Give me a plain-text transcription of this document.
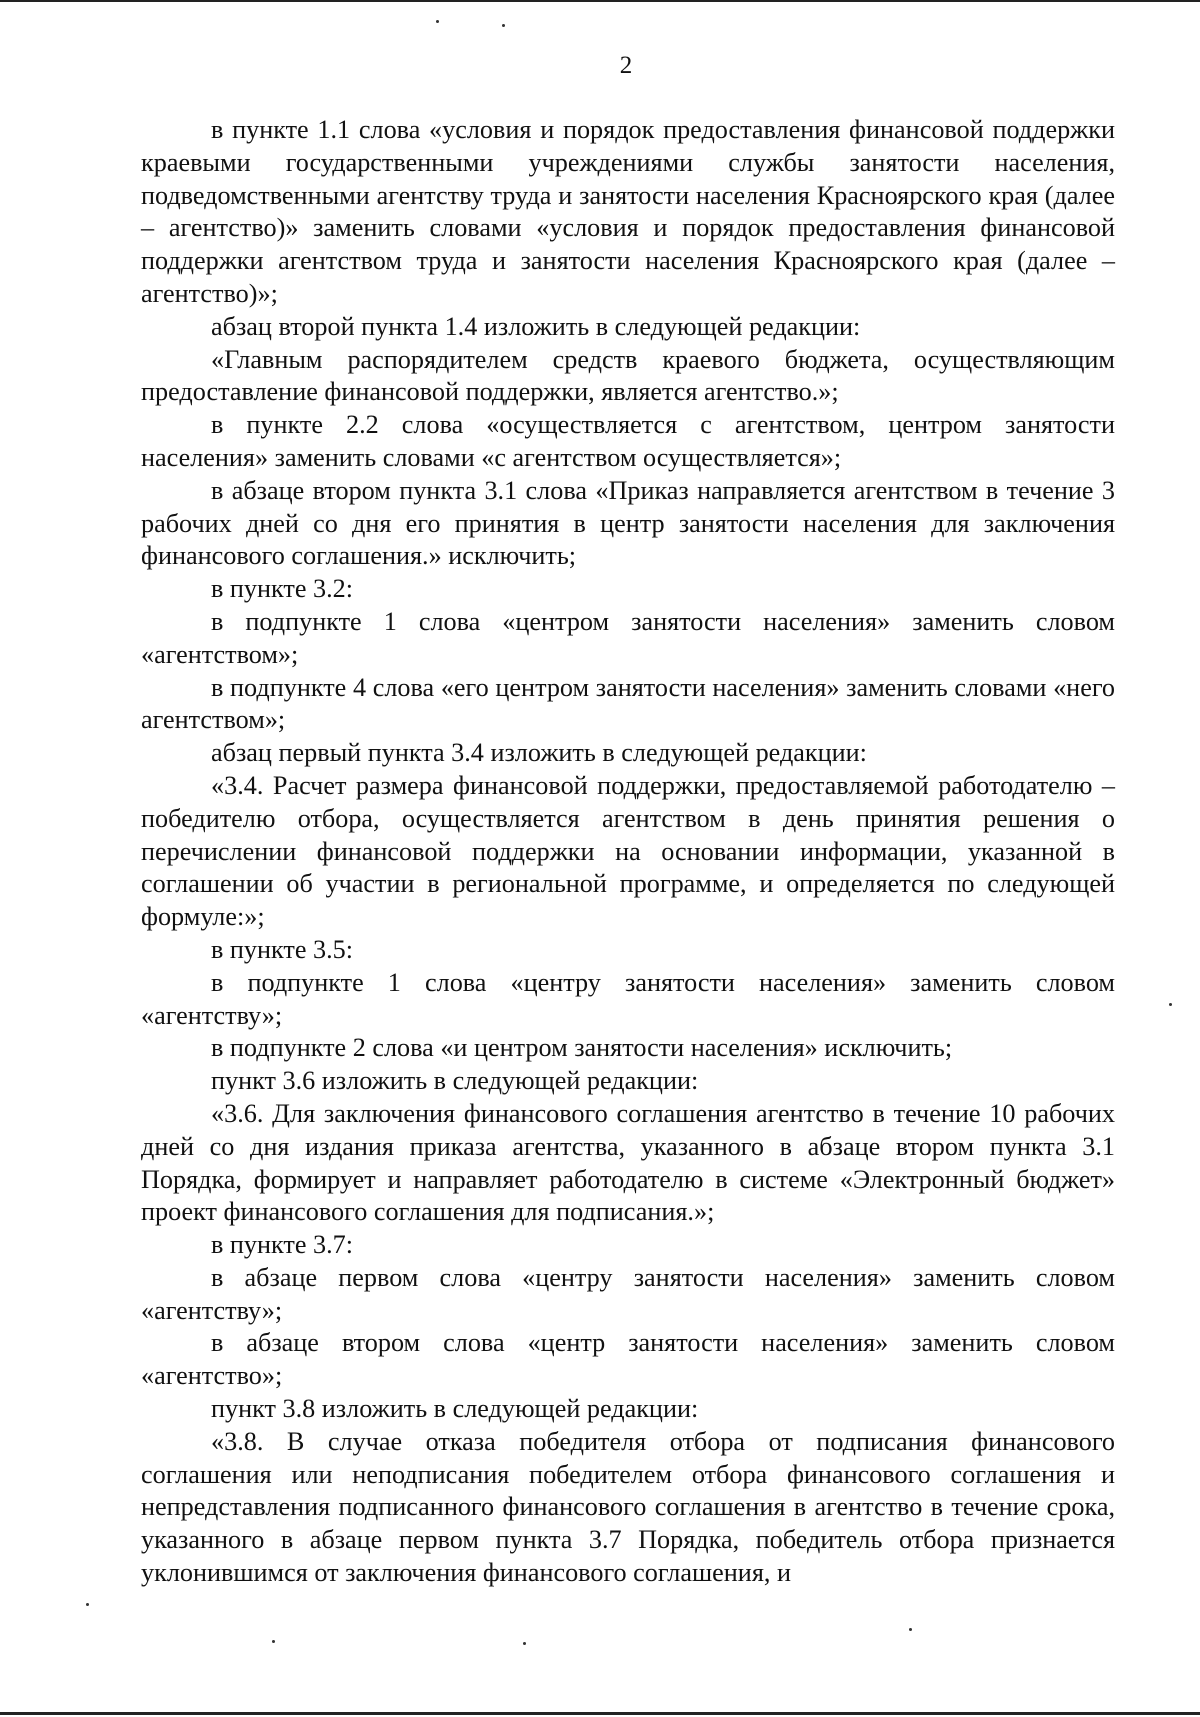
2

в пункте 1.1 слова «условия и порядок предоставления финансовой поддержки краевыми государственными учреждениями службы занятости населения, подведомственными агентству труда и занятости населения Красноярского края (далее – агентство)» заменить словами «условия и порядок предоставления финансовой поддержки агентством труда и занятости населения Красноярского края (далее – агентство)»;

абзац второй пункта 1.4 изложить в следующей редакции:

«Главным распорядителем средств краевого бюджета, осуществляющим предоставление финансовой поддержки, является агентство.»;

в пункте 2.2 слова «осуществляется с агентством, центром занятости населения» заменить словами «с агентством осуществляется»;

в абзаце втором пункта 3.1 слова «Приказ направляется агентством в течение 3 рабочих дней со дня его принятия в центр занятости населения для заключения финансового соглашения.» исключить;

в пункте 3.2:

в подпункте 1 слова «центром занятости населения» заменить словом «агентством»;

в подпункте 4 слова «его центром занятости населения» заменить словами «него агентством»;

абзац первый пункта 3.4 изложить в следующей редакции:

«3.4. Расчет размера финансовой поддержки, предоставляемой работодателю – победителю отбора, осуществляется агентством в день принятия решения о перечислении финансовой поддержки на основании информации, указанной в соглашении об участии в региональной программе, и определяется по следующей формуле:»;

в пункте 3.5:

в подпункте 1 слова «центру занятости населения» заменить словом «агентству»;

в подпункте 2 слова «и центром занятости населения» исключить;

пункт 3.6 изложить в следующей редакции:

«3.6. Для заключения финансового соглашения агентство в течение 10 рабочих дней со дня издания приказа агентства, указанного в абзаце втором пункта 3.1 Порядка, формирует и направляет работодателю в системе «Электронный бюджет» проект финансового соглашения для подписания.»;

в пункте 3.7:

в абзаце первом слова «центру занятости населения» заменить словом «агентству»;

в абзаце втором слова «центр занятости населения» заменить словом «агентство»;

пункт 3.8 изложить в следующей редакции:

«3.8. В случае отказа победителя отбора от подписания финансового соглашения или неподписания победителем отбора финансового соглашения и непредставления подписанного финансового соглашения в агентство в течение срока, указанного в абзаце первом пункта 3.7 Порядка, победитель отбора признается уклонившимся от заключения финансового соглашения, и
